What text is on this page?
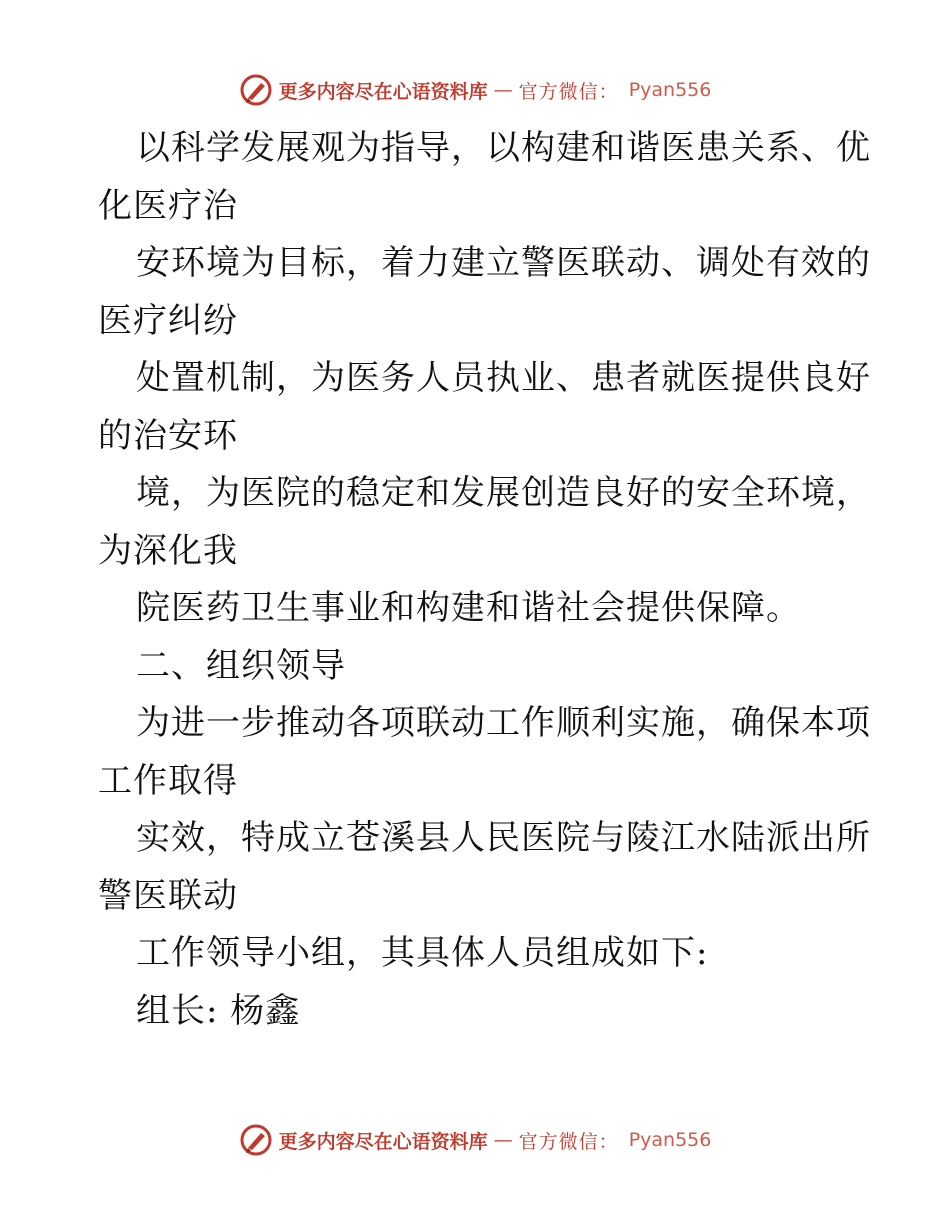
更多内容尽在心语资料库 — 官方微信： Pyan556
以科学发展观为指导，以构建和谐医患关系、优
化医疗治
安环境为目标，着力建立警医联动、调处有效的
医疗纠纷
处置机制，为医务人员执业、患者就医提供良好
的治安环
境，为医院的稳定和发展创造良好的安全环境，
为深化我
院医药卫生事业和构建和谐社会提供保障。
二、组织领导
为进一步推动各项联动工作顺利实施，确保本项
工作取得
实效，特成立苍溪县人民医院与陵江水陆派出所
警医联动
工作领导小组，其具体人员组成如下:
组长: 杨鑫
更多内容尽在心语资料库 — 官方微信： Pyan556
